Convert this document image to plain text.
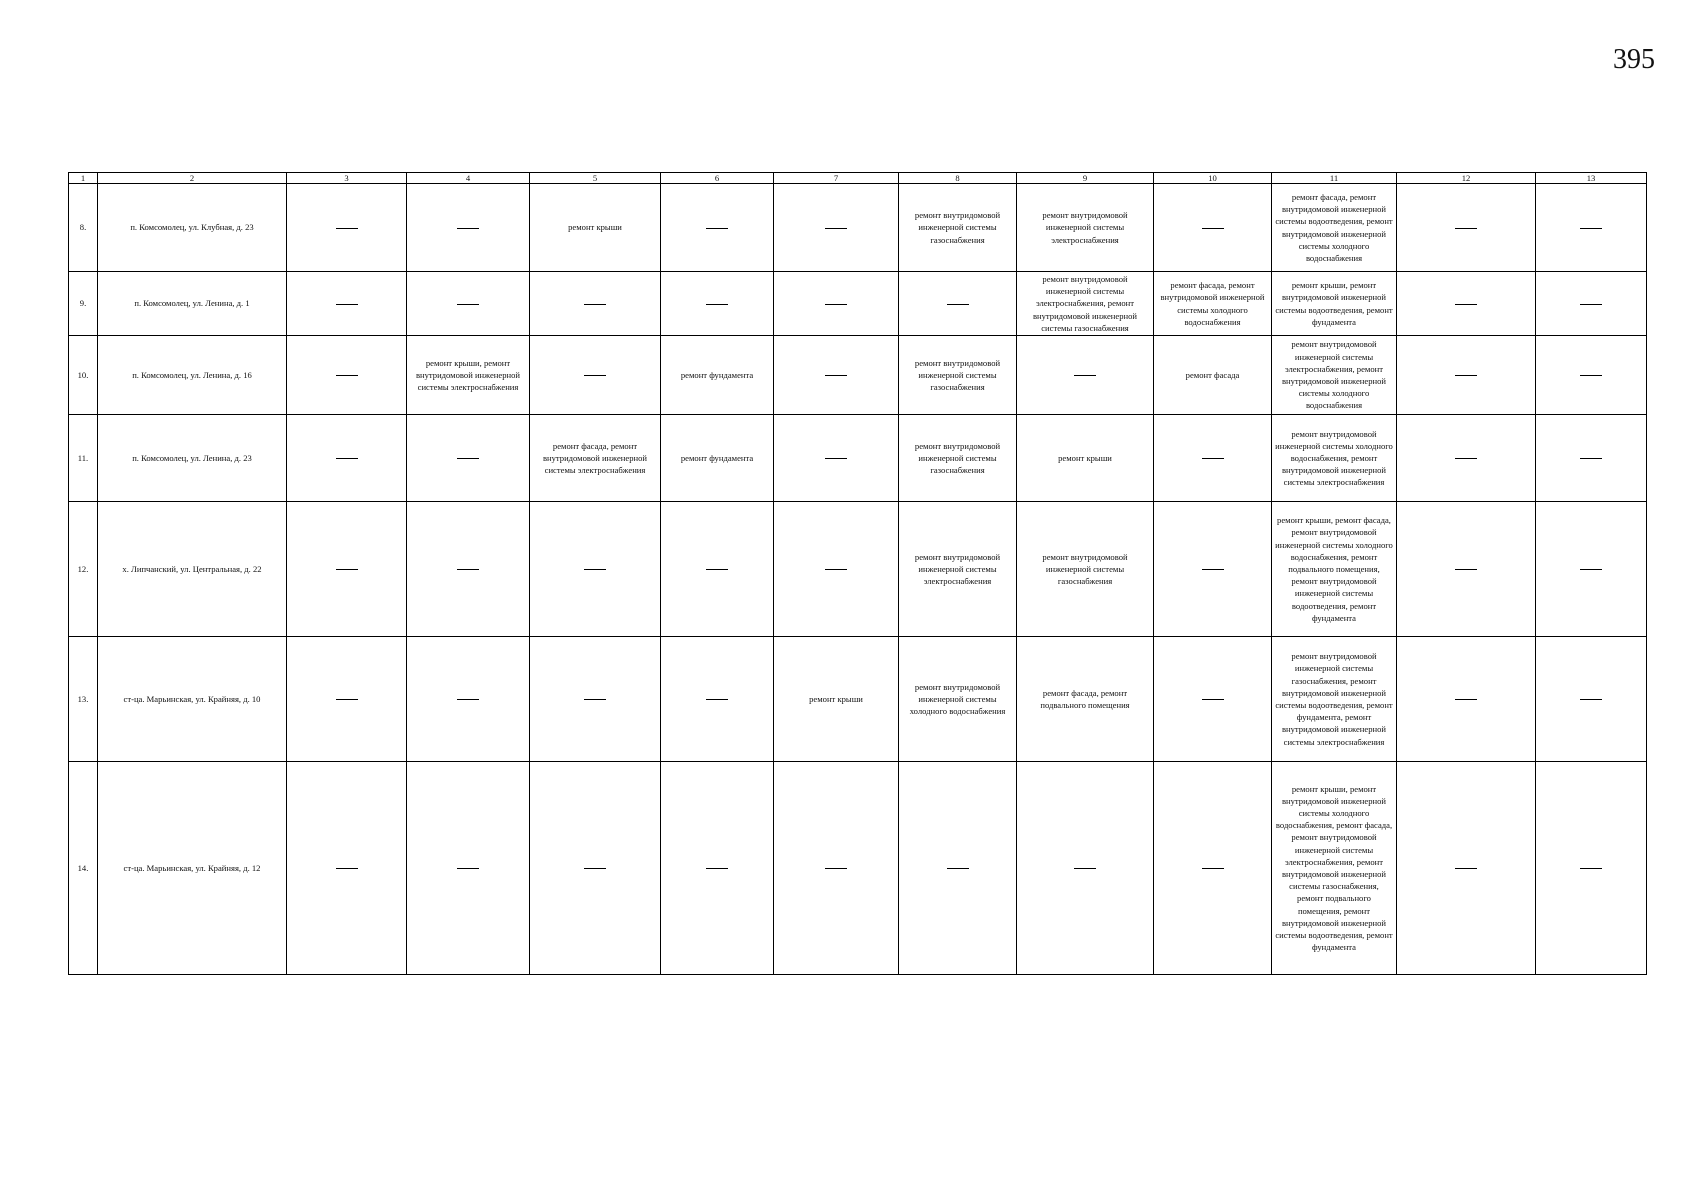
395
1	2	3	4	5	6	7	8	9	10	11	12	13
8.	п. Комсомолец, ул. Клубная, д. 23			ремонт крыши			ремонт внутридомовой инженерной системы газоснабжения	ремонт внутридомовой инженерной системы электроснабжения		ремонт фасада, ремонт внутридомовой инженерной системы водоотведения, ремонт внутридомовой инженерной системы холодного водоснабжения		
9.	п. Комсомолец, ул. Ленина, д. 1							ремонт внутридомовой инженерной системы электроснабжения, ремонт внутридомовой инженерной системы газоснабжения	ремонт фасада, ремонт внутридомовой инженерной системы холодного водоснабжения	ремонт крыши, ремонт внутридомовой инженерной системы водоотведения, ремонт фундамента		
10.	п. Комсомолец, ул. Ленина, д. 16		ремонт крыши, ремонт внутридомовой инженерной системы электроснабжения		ремонт фундамента		ремонт внутридомовой инженерной системы газоснабжения		ремонт фасада	ремонт внутридомовой инженерной системы электроснабжения, ремонт внутридомовой инженерной системы холодного водоснабжения		
11.	п. Комсомолец, ул. Ленина, д. 23			ремонт фасада, ремонт внутридомовой инженерной системы электроснабжения	ремонт фундамента		ремонт внутридомовой инженерной системы газоснабжения	ремонт крыши		ремонт внутридомовой инженерной системы холодного водоснабжения, ремонт внутридомовой инженерной системы электроснабжения		
12.	х. Липчанский, ул. Центральная, д. 22						ремонт внутридомовой инженерной системы электроснабжения	ремонт внутридомовой инженерной системы газоснабжения		ремонт крыши, ремонт фасада, ремонт внутридомовой инженерной системы холодного водоснабжения, ремонт подвального помещения, ремонт внутридомовой инженерной системы водоотведения, ремонт фундамента		
13.	ст-ца. Марьинская, ул. Крайняя, д. 10					ремонт крыши	ремонт внутридомовой инженерной системы холодного водоснабжения	ремонт фасада, ремонт подвального помещения		ремонт внутридомовой инженерной системы газоснабжения, ремонт внутридомовой инженерной системы водоотведения, ремонт фундамента, ремонт внутридомовой инженерной системы электроснабжения		
14.	ст-ца. Марьинская, ул. Крайняя, д. 12									ремонт крыши, ремонт внутридомовой инженерной системы холодного водоснабжения, ремонт фасада, ремонт внутридомовой инженерной системы электроснабжения, ремонт внутридомовой инженерной системы газоснабжения, ремонт подвального помещения, ремонт внутридомовой инженерной системы водоотведения, ремонт фундамента		
